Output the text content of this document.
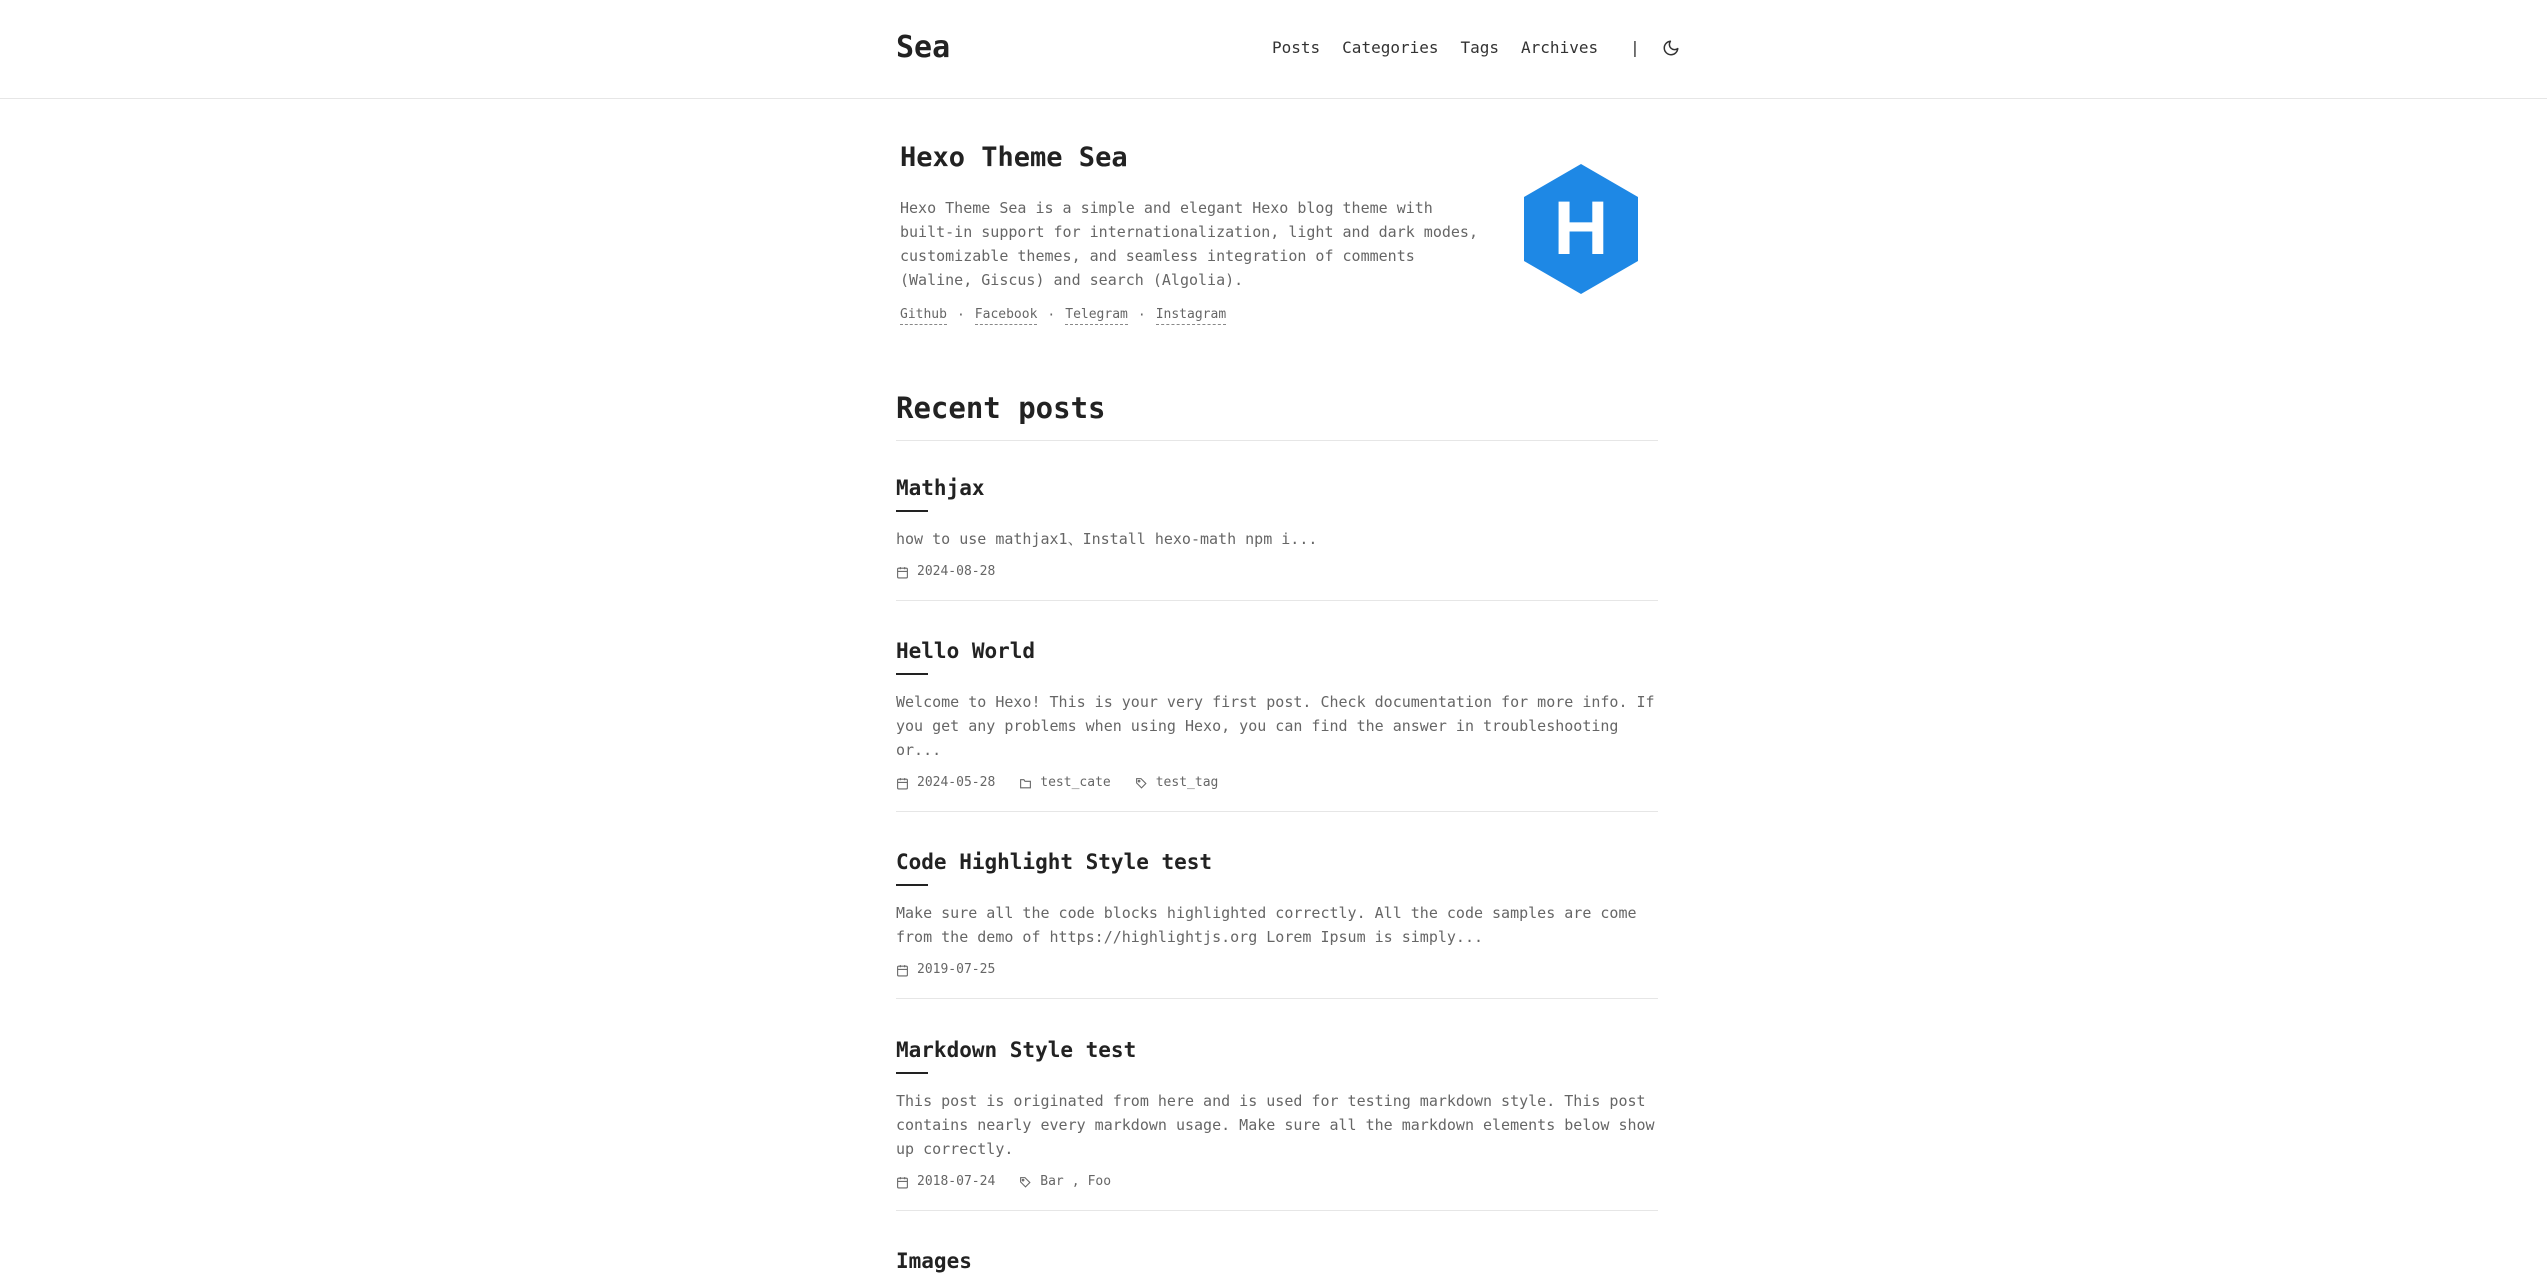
Sea	Posts Categories Tags Archives |
Hexo Theme Sea
Hexo Theme Sea is a simple and elegant Hexo blog theme with built-in support for internationalization, light and dark modes, customizable themes, and seamless integration of comments (Waline, Giscus) and search (Algolia).
Github · Facebook · Telegram · Instagram
H
Recent posts
Mathjax
how to use mathjax1、Install hexo-math npm i...
2024-08-28
Hello World
Welcome to Hexo! This is your very first post. Check documentation for more info. If you get any problems when using Hexo, you can find the answer in troubleshooting or...
2024-05-28	test_cate	test_tag
Code Highlight Style test
Make sure all the code blocks highlighted correctly. All the code samples are come from the demo of https://highlightjs.org Lorem Ipsum is simply...
2019-07-25
Markdown Style test
This post is originated from here and is used for testing markdown style. This post contains nearly every markdown usage. Make sure all the markdown elements below show up correctly.
2018-07-24	Bar , Foo
Images
